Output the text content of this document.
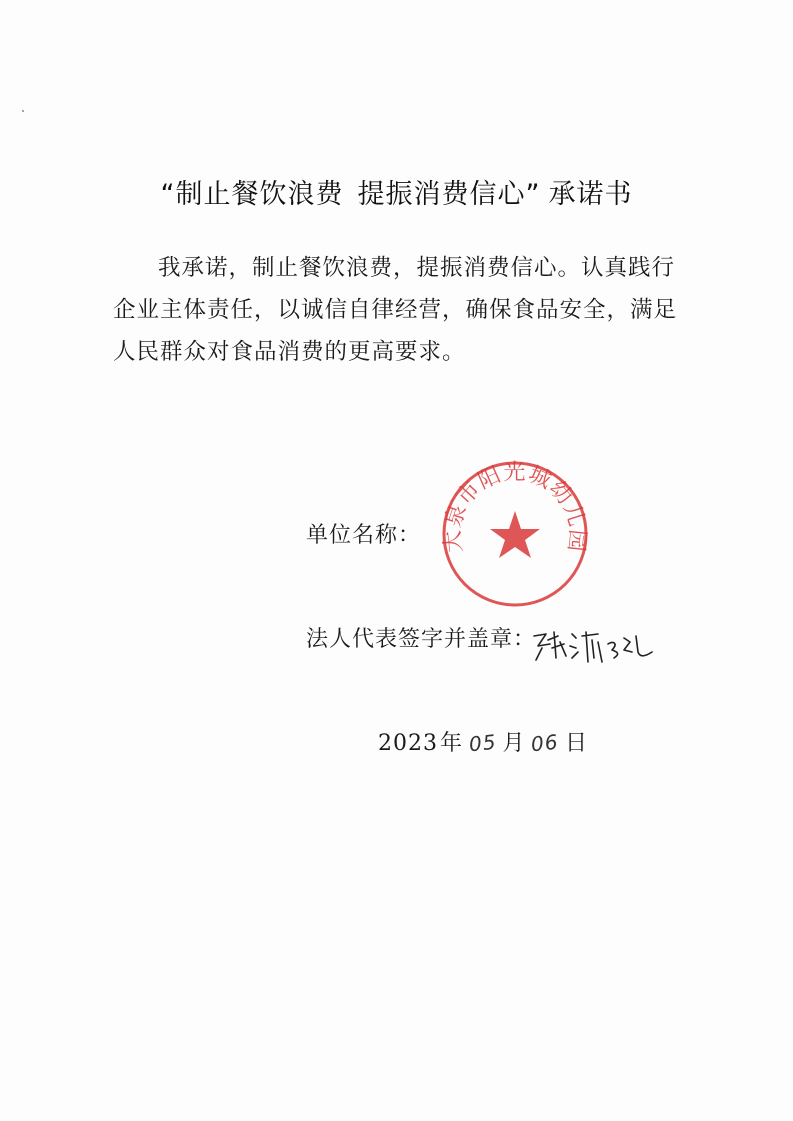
“制止餐饮浪费 提振消费信心” 承诺书

我承诺，制止餐饮浪费，提振消费信心。认真践行企业主体责任，以诚信自律经营，确保食品安全，满足人民群众对食品消费的更高要求。

单位名称： 大泉市阳光城幼儿园
法人代表签字并盖章：
2023 年 05 月 06 日
